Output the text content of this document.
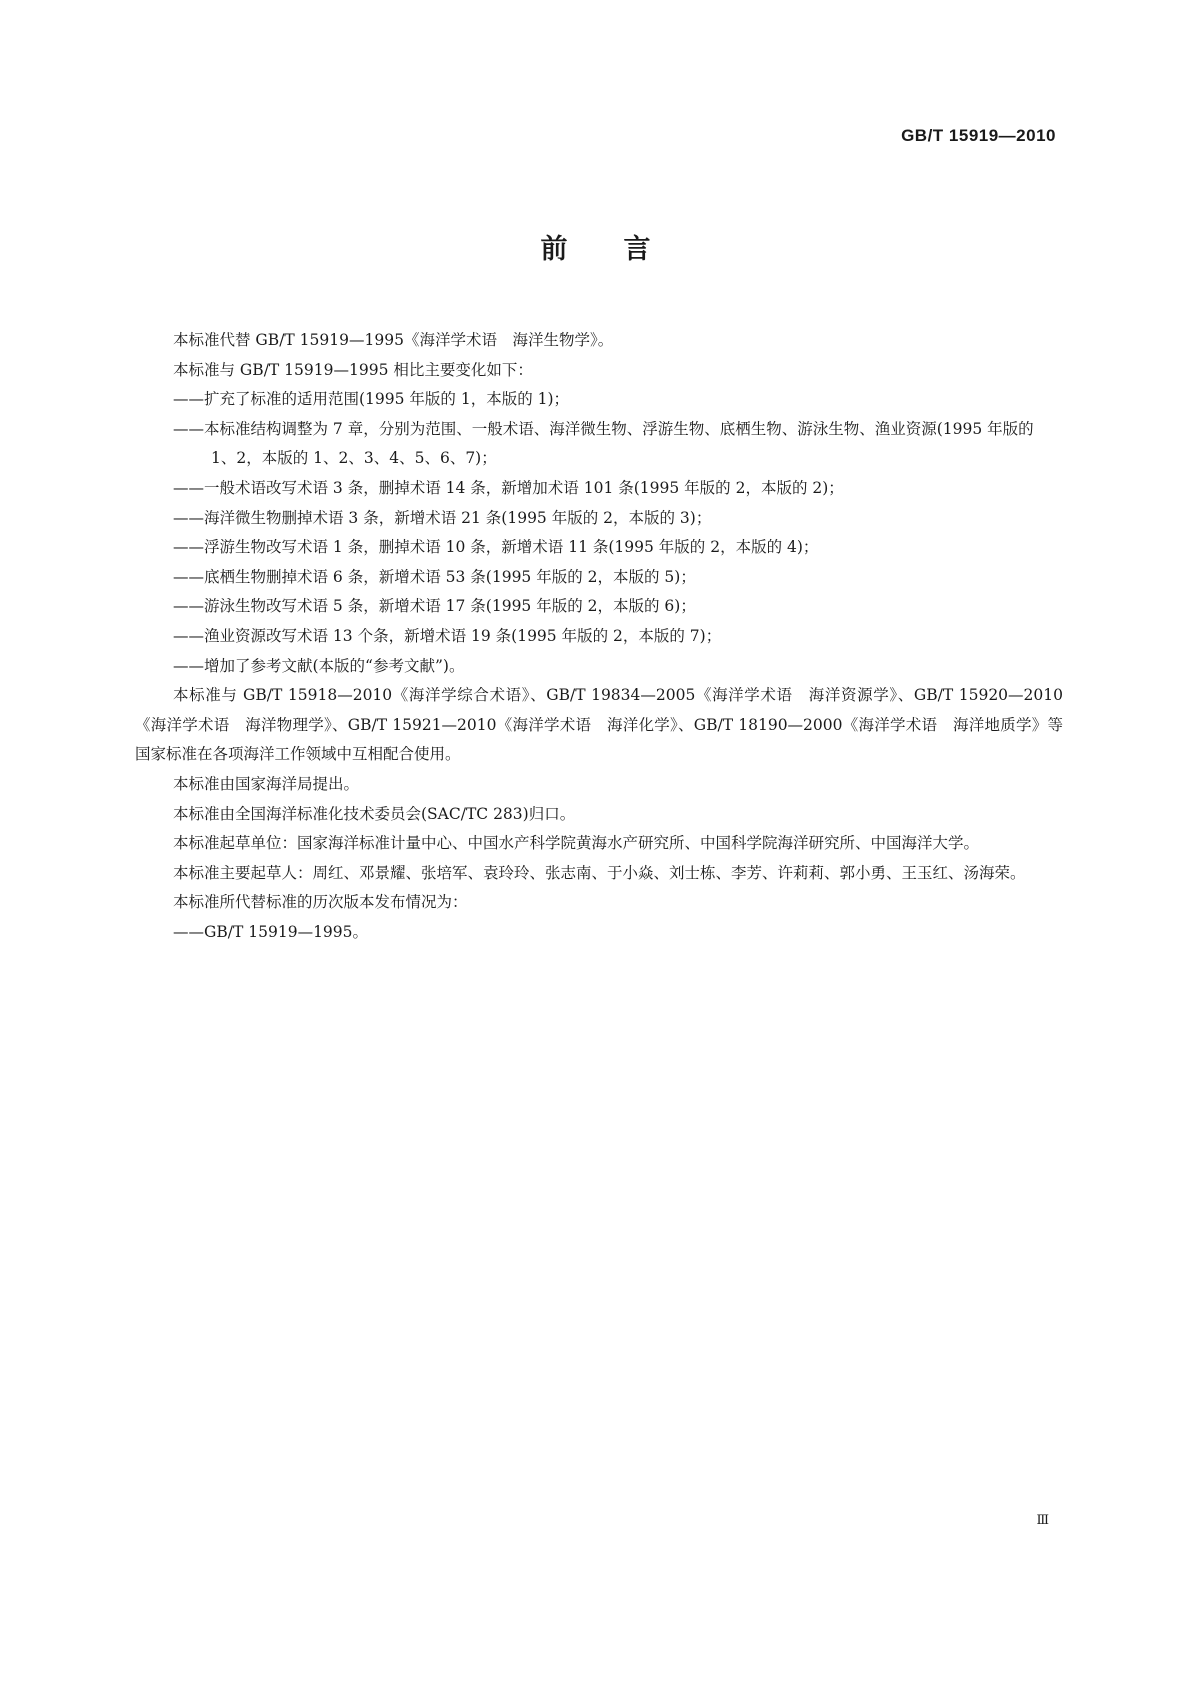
GB/T 15919—2010
前 言

本标准代替 GB/T 15919—1995《海洋学术语　海洋生物学》。

本标准与 GB/T 15919—1995 相比主要变化如下：

——扩充了标准的适用范围(1995 年版的 1，本版的 1)；

——本标准结构调整为 7 章，分别为范围、一般术语、海洋微生物、浮游生物、底栖生物、游泳生物、渔业资源(1995 年版的 1、2，本版的 1、2、3、4、5、6、7)；

——一般术语改写术语 3 条，删掉术语 14 条，新增加术语 101 条(1995 年版的 2，本版的 2)；

——海洋微生物删掉术语 3 条，新增术语 21 条(1995 年版的 2，本版的 3)；

——浮游生物改写术语 1 条，删掉术语 10 条，新增术语 11 条(1995 年版的 2，本版的 4)；

——底栖生物删掉术语 6 条，新增术语 53 条(1995 年版的 2，本版的 5)；

——游泳生物改写术语 5 条，新增术语 17 条(1995 年版的 2，本版的 6)；

——渔业资源改写术语 13 个条，新增术语 19 条(1995 年版的 2，本版的 7)；

——增加了参考文献(本版的“参考文献”)。

本标准与 GB/T 15918—2010《海洋学综合术语》、GB/T 19834—2005《海洋学术语　海洋资源学》、GB/T 15920—2010《海洋学术语　海洋物理学》、GB/T 15921—2010《海洋学术语　海洋化学》、GB/T 18190—2000《海洋学术语　海洋地质学》等国家标准在各项海洋工作领域中互相配合使用。

本标准由国家海洋局提出。

本标准由全国海洋标准化技术委员会(SAC/TC 283)归口。

本标准起草单位：国家海洋标准计量中心、中国水产科学院黄海水产研究所、中国科学院海洋研究所、中国海洋大学。

本标准主要起草人：周红、邓景耀、张培军、袁玲玲、张志南、于小焱、刘士栋、李芳、许莉莉、郭小勇、王玉红、汤海荣。

本标准所代替标准的历次版本发布情况为：

——GB/T 15919—1995。

Ⅲ
